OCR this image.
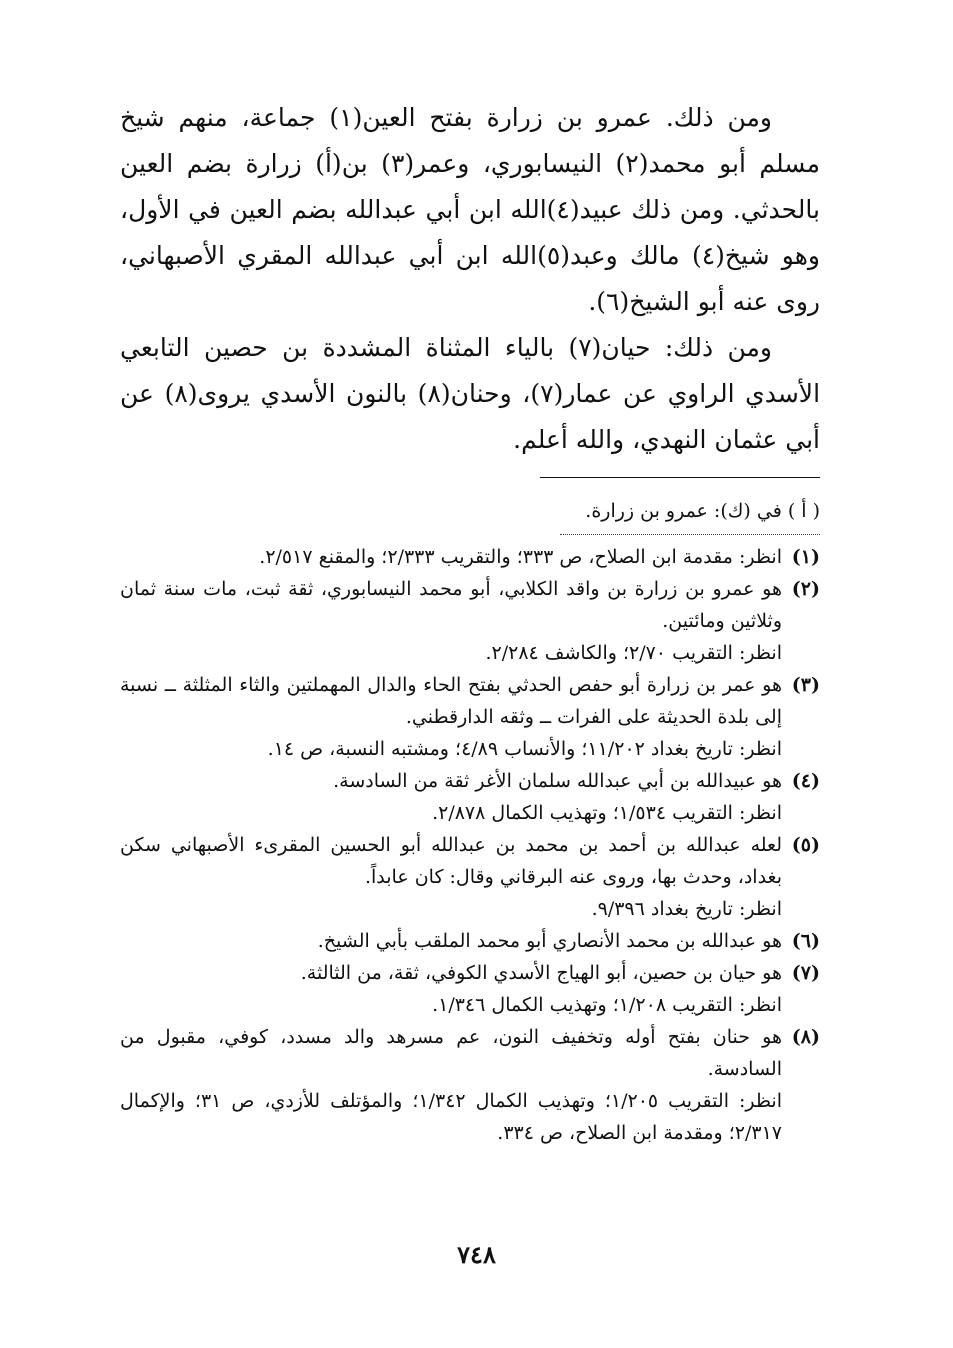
ومن ذلك. عمرو بن زرارة بفتح العين(١) جماعة، منهم شيخ مسلم أبو محمد(٢) النيسابوري، وعمر(٣) بن(أ) زرارة بضم العين بالحدثي. ومن ذلك عبيد(٤)الله ابن أبي عبدالله بضم العين في الأول، وهو شيخ(٤) مالك وعبد(٥)الله ابن أبي عبدالله المقري الأصبهاني، روى عنه أبو الشيخ(٦).

ومن ذلك: حيان(٧) بالياء المثناة المشددة بن حصين التابعي الأسدي الراوي عن عمار(٧)، وحنان(٨) بالنون الأسدي يروى(٨) عن أبي عثمان النهدي، والله أعلم.

( أ ) في (ك): عمرو بن زرارة.
(١)
انظر: مقدمة ابن الصلاح، ص ٣٣٣؛ والتقريب ٢/٣٣٣؛ والمقنع ٢/٥١٧.
(٢)
هو عمرو بن زرارة بن واقد الكلابي، أبو محمد النيسابوري، ثقة ثبت، مات سنة ثمان وثلاثين ومائتين.
انظر: التقريب ٢/٧٠؛ والكاشف ٢/٢٨٤.
(٣)
هو عمر بن زرارة أبو حفص الحدثي بفتح الحاء والدال المهملتين والثاء المثلثة ــ نسبة إلى بلدة الحديثة على الفرات ــ وثقه الدارقطني.
انظر: تاريخ بغداد ١١/٢٠٢؛ والأنساب ٤/٨٩؛ ومشتبه النسبة، ص ١٤.
(٤)
هو عبيدالله بن أبي عبدالله سلمان الأغر ثقة من السادسة.
انظر: التقريب ١/٥٣٤؛ وتهذيب الكمال ٢/٨٧٨.
(٥)
لعله عبدالله بن أحمد بن محمد بن عبدالله أبو الحسين المقرىء الأصبهاني سكن بغداد، وحدث بها، وروى عنه البرقاني وقال: كان عابداً.
انظر: تاريخ بغداد ٩/٣٩٦.
(٦)
هو عبدالله بن محمد الأنصاري أبو محمد الملقب بأبي الشيخ.
(٧)
هو حيان بن حصين، أبو الهياج الأسدي الكوفي، ثقة، من الثالثة.
انظر: التقريب ١/٢٠٨؛ وتهذيب الكمال ١/٣٤٦.
(٨)
هو حنان بفتح أوله وتخفيف النون، عم مسرهد والد مسدد، كوفي، مقبول من السادسة.
انظر: التقريب ١/٢٠٥؛ وتهذيب الكمال ١/٣٤٢؛ والمؤتلف للأزدي، ص ٣١؛ والإكمال ٢/٣١٧؛ ومقدمة ابن الصلاح، ص ٣٣٤.
٧٤٨
